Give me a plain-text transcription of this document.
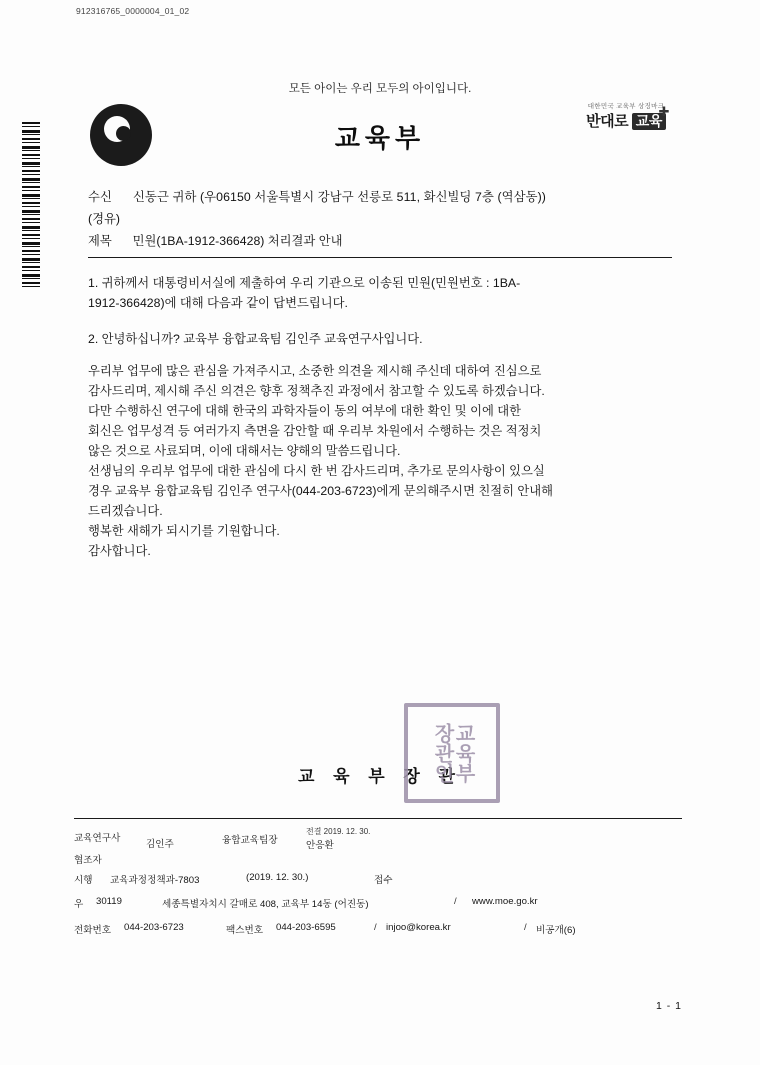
912316765_0000004_01_02
모든 아이는 우리 모두의 아이입니다.
교육부
✚
대한민국 교육부 상징마크
반대로 교육
수신 신동근 귀하 (우06150 서울특별시 강남구 선릉로 511, 화신빌딩 7층 (역삼동))
(경유)
제목 민원(1BA-1912-366428) 처리결과 안내
1. 귀하께서 대통령비서실에 제출하여 우리 기관으로 이송된 민원(민원번호 : 1BA-
1912-366428)에 대해 다음과 같이 답변드립니다.
2. 안녕하십니까? 교육부 융합교육팀 김인주 교육연구사입니다.
우리부 업무에 많은 관심을 가져주시고, 소중한 의견을 제시해 주신데 대하여 진심으로
감사드리며, 제시해 주신 의견은 향후 정책추진 과정에서 참고할 수 있도록 하겠습니다.
다만 수행하신 연구에 대해 한국의 과학자들이 동의 여부에 대한 확인 및 이에 대한
회신은 업무성격 등 여러가지 측면을 감안할 때 우리부 차원에서 수행하는 것은 적정치
않은 것으로 사료되며, 이에 대해서는 양해의 말씀드립니다.
선생님의 우리부 업무에 대한 관심에 다시 한 번 감사드리며, 추가로 문의사항이 있으실
경우 교육부 융합교육팀 김인주 연구사(044-203-6723)에게 문의해주시면 친절히 안내해
드리겠습니다.
행복한 새해가 되시기를 기원합니다.
감사합니다.
교 육 부 장 관
교육부장관인
교육연구사
김인주	융합교육팀장
전결 2019. 12. 30.
안응환
협조자
시행 교육과정정책과-7803	(2019. 12. 30.)	접수
우 30119	세종특별자치시 갈매로 408, 교육부 14동 (어진동)	/ www.moe.go.kr
전화번호 044-203-6723	팩스번호 044-203-6595	/ injoo@korea.kr	/ 비공개(6)
1 - 1
